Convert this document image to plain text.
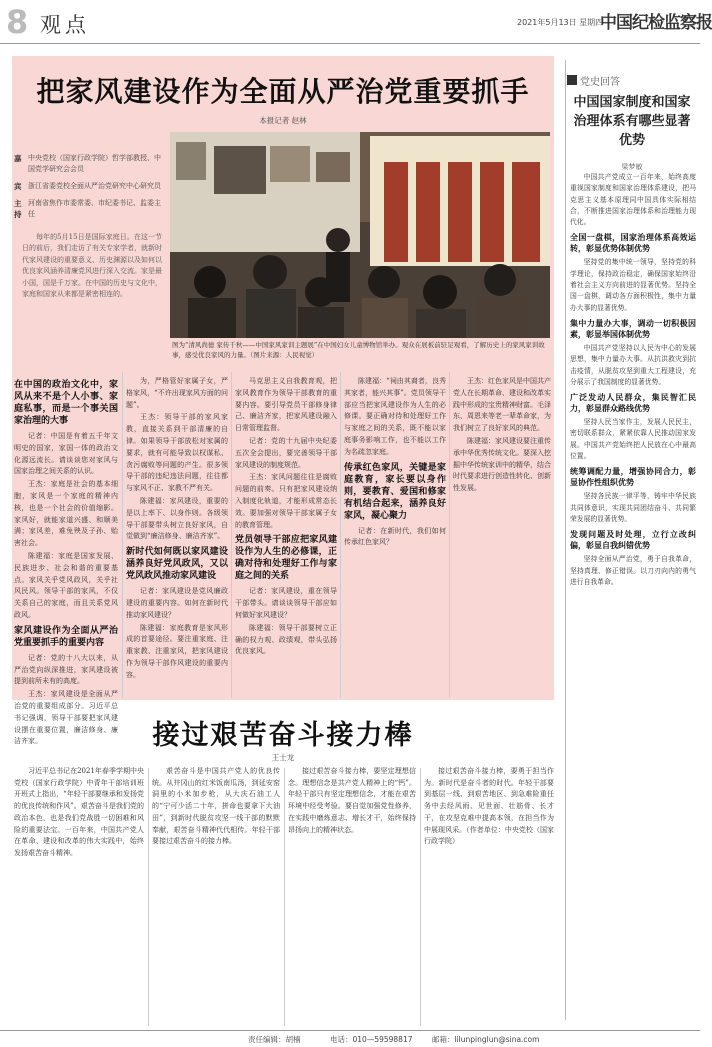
8 观点	2021年5月13日 星期四
中国纪检监察报
把家风建设作为全面从严治党重要抓手
本报记者 赵林
嘉 中央党校（国家行政学院）哲学部教授、中国党学研究会会员
宾 浙江省委党校全面从严治党研究中心研究员
主持
河南省焦作市委常委、市纪委书记、监委主任
每年的5月15日是国际家庭日。在这一节日的前后，我们走访了有关专家学者，就新时代家风建设的重要意义、历史渊源以及如何以优良家风涵养清廉党风进行深入交流。家是最小国，国是千万家。在中国的历史与文化中，家庭和国家从来都是紧密相连的。
图为“清风尚德 家传千秋——中国家风家训主题展”在中国妇女儿童博物馆举办。观众在展板前驻足观看，了解历史上的家风家训故事，感受优良家风的力量。（图片来源：人民视觉）
在中国的政治文化中，家风从来不是个人小事、家庭私事，而是一个事关国家治理的大事

记者：中国是有着五千年文明史的国家，家国一体的政治文化源远流长。请谈谈您对家风与国家治理之间关系的认识。

王杰：家庭是社会的基本细胞，家风是一个家庭的精神内核，也是一个社会的价值缩影。家风好，就能家道兴盛、和顺美满；家风差，难免殃及子孙、贻害社会。

陈建福：家庭是国家发展、民族进步、社会和谐的重要基点。家风关乎党风政风，关乎社风民风。领导干部的家风，不仅关系自己的家庭，而且关系党风政风。

家风建设作为全面从严治党重要抓手的重要内容

记者：党的十八大以来，从严治党向纵深推进，家风建设被提到前所未有的高度。

王杰：家风建设是全面从严治党的重要组成部分。习近平总书记强调，领导干部要把家风建设摆在重要位置，廉洁修身、廉洁齐家。

为，严格管好家属子女，严格家风，“不许出现家风方面的问题”。

王杰：领导干部的家风家教，直接关系到干部清廉的自律。如果领导干部放松对家属的要求，就有可能导致以权谋私、贪污腐败等问题的产生。很多领导干部的违纪违法问题，往往都与家风不正、家教不严有关。

陈建福：家风建设，重要的是以上率下、以身作则。各级领导干部要带头树立良好家风，自觉做到“廉洁修身、廉洁齐家”。

新时代如何既以家风建设涵养良好党风政风，又以党风政风推动家风建设

记者：家风建设是党风廉政建设的重要内容。如何在新时代推动家风建设？

陈建福：家庭教育是家风形成的首要途径。要注重家庭、注重家教、注重家风，把家风建设作为领导干部作风建设的重要内容。

马克思主义自我教育观，把家风教育作为领导干部教育的重要内容。要引导党员干部修身律己、廉洁齐家，把家风建设融入日常管理监督。

记者：党的十九届中央纪委五次全会提出，要完善领导干部家风建设的制度规范。

王杰：家风问题往往是腐败问题的前奏。只有把家风建设纳入制度化轨道，才能形成常态长效。要加强对领导干部家属子女的教育管理。

党员领导干部应把家风建设作为人生的必修课，正确对待和处理好工作与家庭之间的关系

记者：家风建设，重在领导干部带头。请谈谈领导干部应如何做好家风建设？

陈建福：领导干部要树立正确的权力观、政绩观，带头弘扬优良家风。

陈建福：“祠由其裔者，良秀其家者，能兴其事”。党员领导干部应当把家风建设作为人生的必修课。要正确对待和处理好工作与家庭之间的关系，既不能以家庭事务影响工作，也不能以工作为名疏忽家庭。

传承红色家风，关键是家庭教育，家长要以身作则，要教育、爱国和修家有机结合起来，涵养良好家风，凝心聚力

记者：在新时代，我们如何传承红色家风？

王杰：红色家风是中国共产党人在长期革命、建设和改革实践中形成的宝贵精神财富。毛泽东、周恩来等老一辈革命家，为我们树立了良好家风的典范。

陈建福：家风建设要注重传承中华优秀传统文化。要深入挖掘中华传统家训中的精华，结合时代要求进行创造性转化、创新性发展。

党史回答
中国国家制度和国家治理体系有哪些显著优势
梁梦敏

中国共产党成立一百年来，始终高度重视国家制度和国家治理体系建设，把马克思主义基本原理同中国具体实际相结合，不断推进国家治理体系和治理能力现代化。

全国一盘棋，国家治理体系高效运转，彰显优势体制优势

坚持党的集中统一领导，坚持党的科学理论，保持政治稳定，确保国家始终沿着社会主义方向前进的显著优势。坚持全国一盘棋，调动各方面积极性，集中力量办大事的显著优势。

集中力量办大事，调动一切积极因素，彰显举国体制优势

中国共产党坚持以人民为中心的发展思想，集中力量办大事。从抗洪救灾到抗击疫情，从脱贫攻坚到重大工程建设，充分展示了我国制度的显著优势。

广泛发动人民群众，集民智汇民力，彰显群众路线优势

坚持人民当家作主，发展人民民主，密切联系群众，紧紧依靠人民推动国家发展。中国共产党始终把人民放在心中最高位置。

统筹调配力量，增强协同合力，彰显协作性组织优势

坚持各民族一律平等，铸牢中华民族共同体意识，实现共同团结奋斗、共同繁荣发展的显著优势。

发现问题及时处理，立行立改纠偏，彰显自我纠错优势

坚持全面从严治党，勇于自我革命，坚持真理、修正错误。以刀刃向内的勇气进行自我革命。

接过艰苦奋斗接力棒
王士龙

习近平总书记在2021年春季学期中央党校（国家行政学院）中青年干部培训班开班式上指出，“年轻干部要继承和发扬党的优良传统和作风”。艰苦奋斗是我们党的政治本色，也是我们党战胜一切困难和风险的重要法宝。一百年来，中国共产党人在革命、建设和改革的伟大实践中，始终发扬艰苦奋斗精神。

艰苦奋斗是中国共产党人的优良传统。从井冈山的红米饭南瓜汤，到延安窑洞里的小米加步枪，从大庆石油工人的“宁可少活二十年，拼命也要拿下大油田”，到新时代脱贫攻坚一线干部的默默奉献，艰苦奋斗精神代代相传。年轻干部要接过艰苦奋斗的接力棒。

接过艰苦奋斗接力棒，要坚定理想信念。理想信念是共产党人精神上的“钙”。年轻干部只有坚定理想信念，才能在艰苦环境中经受考验。要自觉加强党性修养，在实践中磨炼意志、增长才干，始终保持昂扬向上的精神状态。

接过艰苦奋斗接力棒，要勇于担当作为。新时代是奋斗者的时代。年轻干部要到基层一线、到艰苦地区、到急难险重任务中去经风雨、见世面、壮筋骨、长才干，在攻坚克难中提高本领，在担当作为中展现风采。（作者单位：中央党校（国家行政学院）

责任编辑：胡楠	电话：010—59598817	邮箱：lilunpinglun@sina.com
